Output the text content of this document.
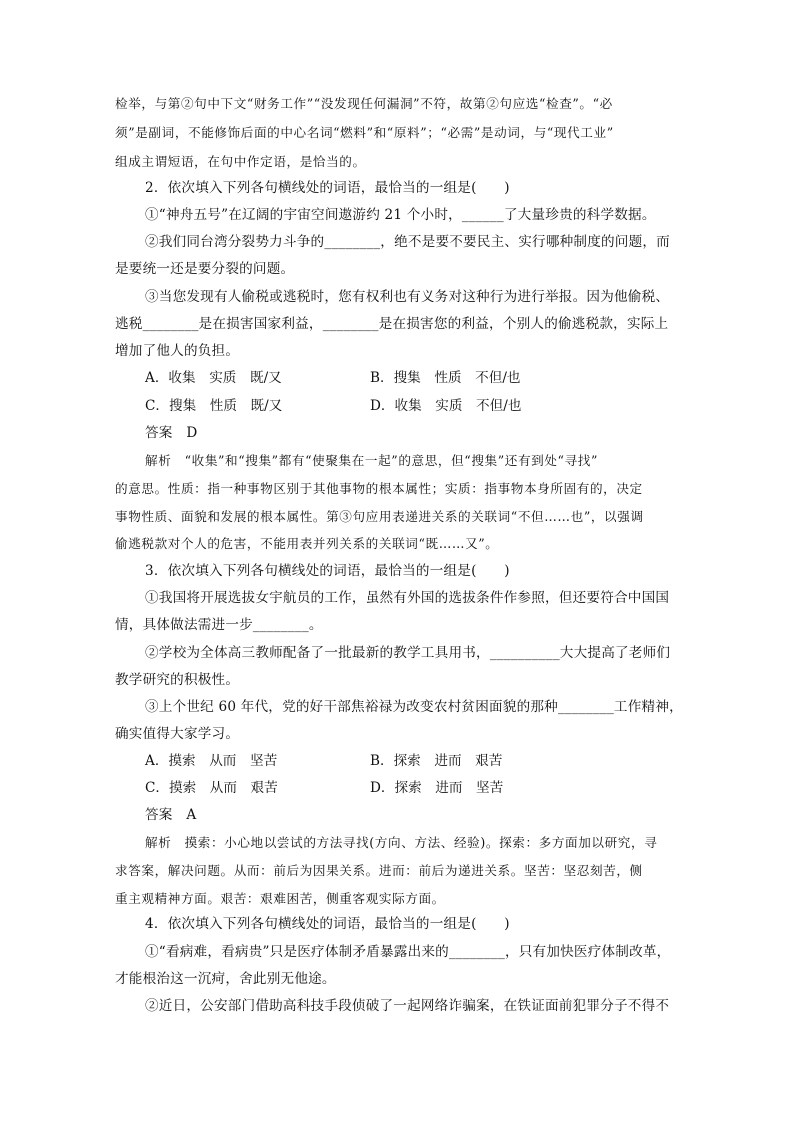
检举，与第②句中下文“财务工作”“没发现任何漏洞”不符，故第②句应选“检查”。“必
须”是副词，不能修饰后面的中心名词“燃料”和“原料”；“必需”是动词，与“现代工业”
组成主谓短语，在句中作定语，是恰当的。
2．依次填入下列各句横线处的词语，最恰当的一组是(　　)
①“神舟五号”在辽阔的宇宙空间遨游约 21 个小时，______了大量珍贵的科学数据。
②我们同台湾分裂势力斗争的________，绝不是要不要民主、实行哪种制度的问题，而
是要统一还是要分裂的问题。
③当您发现有人偷税或逃税时，您有权利也有义务对这种行为进行举报。因为他偷税、
逃税________是在损害国家利益，________是在损害您的利益，个别人的偷逃税款，实际上
增加了他人的负担。
A．收集　实质　既/又	B．搜集　性质　不但/也
C．搜集　性质　既/又	D．收集　实质　不但/也
答案　D
解析　“收集”和“搜集”都有“使聚集在一起”的意思，但“搜集”还有到处“寻找”
的意思。性质：指一种事物区别于其他事物的根本属性；实质：指事物本身所固有的，决定
事物性质、面貌和发展的根本属性。第③句应用表递进关系的关联词“不但……也”，以强调
偷逃税款对个人的危害，不能用表并列关系的关联词“既……又”。
3．依次填入下列各句横线处的词语，最恰当的一组是(　　)
①我国将开展选拔女宇航员的工作，虽然有外国的选拔条件作参照，但还要符合中国国
情，具体做法需进一步________。
②学校为全体高三教师配备了一批最新的教学工具用书，__________大大提高了老师们
教学研究的积极性。
③上个世纪 60 年代，党的好干部焦裕禄为改变农村贫困面貌的那种________工作精神，
确实值得大家学习。
A．摸索　从而　坚苦	B．探索　进而　艰苦
C．摸索　从而　艰苦	D．探索　进而　坚苦
答案　A
解析　摸索：小心地以尝试的方法寻找(方向、方法、经验)。探索：多方面加以研究，寻
求答案，解决问题。从而：前后为因果关系。进而：前后为递进关系。坚苦：坚忍刻苦，侧
重主观精神方面。艰苦：艰难困苦，侧重客观实际方面。
4．依次填入下列各句横线处的词语，最恰当的一组是(　　)
①“看病难，看病贵”只是医疗体制矛盾暴露出来的________，只有加快医疗体制改革，
才能根治这一沉疴，舍此别无他途。
②近日，公安部门借助高科技手段侦破了一起网络诈骗案，在铁证面前犯罪分子不得不
